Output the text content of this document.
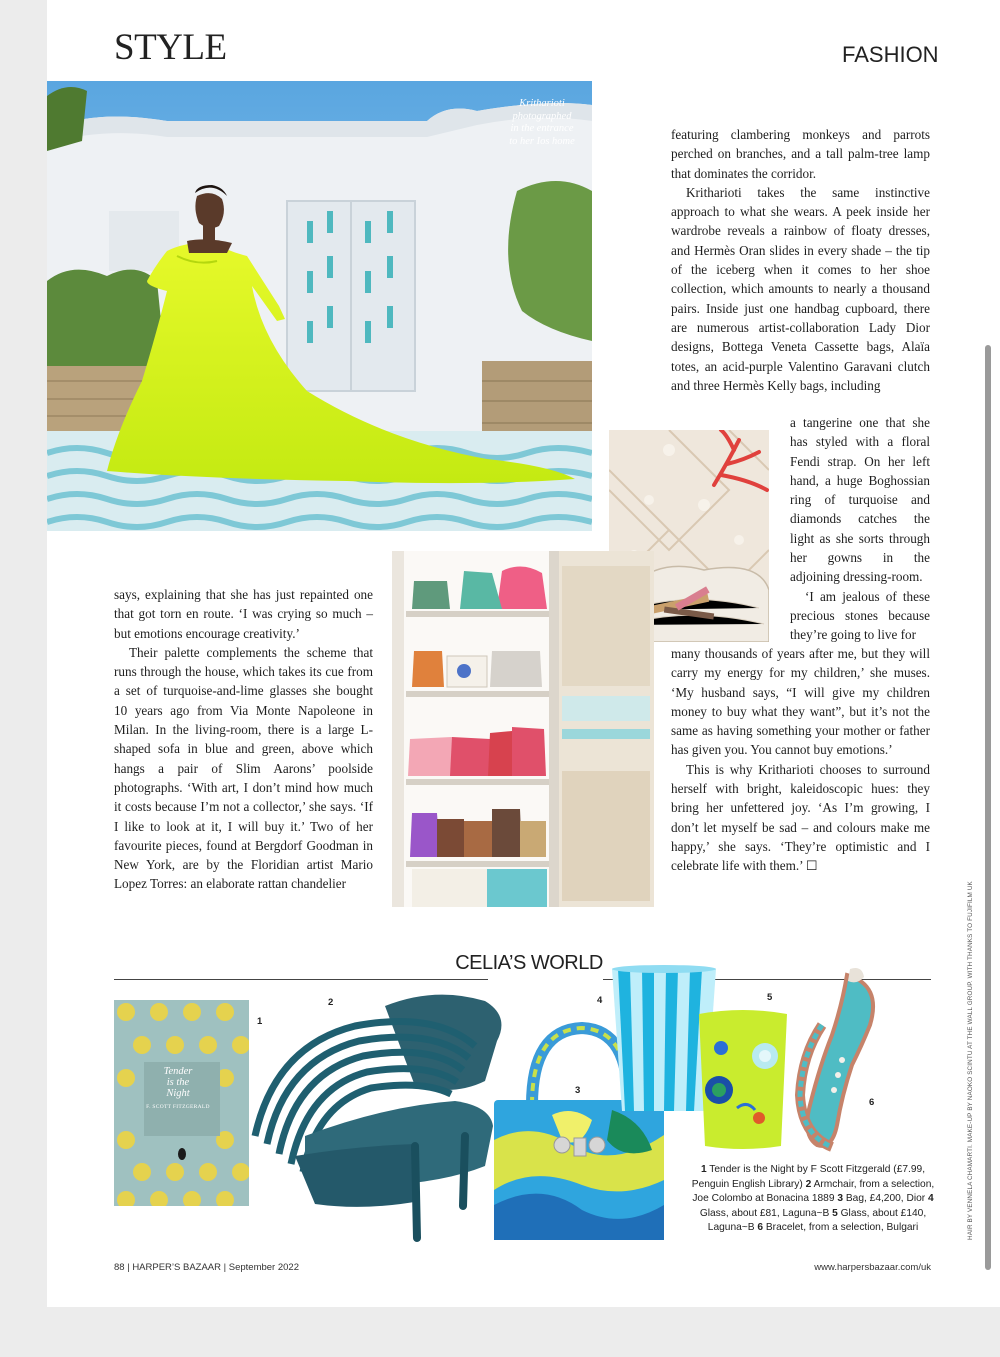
STYLE	FASHION
Kritharioti
photographed
in the entrance
to her Ios home	featuring clambering monkeys and parrots perched on branches, and a tall palm-tree lamp that dominates the corridor.

Kritharioti takes the same instinctive approach to what she wears. A peek inside her wardrobe reveals a rainbow of floaty dresses, and Hermès Oran slides in every shade – the tip of the iceberg when it comes to her shoe collection, which amounts to nearly a thousand pairs. Inside just one handbag cupboard, there are numerous artist-collaboration Lady Dior designs, Bottega Veneta Cassette bags, Alaïa totes, an acid-purple Valentino Garavani clutch and three Hermès Kelly bags, including

a tangerine one that she has styled with a floral Fendi strap. On her left hand, a huge Boghossian ring of turquoise and diamonds catches the light as she sorts through her gowns in the adjoining dressing-room.

‘I am jealous of these precious stones because they’re going to live for

many thousands of years after me, but they will carry my energy for my children,’ she muses. ‘My husband says, “I will give my children money to buy what they want”, but it’s not the same as having something your mother or father has given you. You cannot buy emotions.’

This is why Kritharioti chooses to surround herself with bright, kaleidoscopic hues: they bring her unfettered joy. ‘As I’m growing, I don’t let myself be sad – and colours make me happy,’ she says. ‘They’re optimistic and I celebrate life with them.’ ☐

says, explaining that she has just repainted one that got torn en route. ‘I was crying so much – but emotions encourage creativity.’

Their palette complements the scheme that runs through the house, which takes its cue from a set of turquoise-and-lime glasses she bought 10 years ago from Via Monte Napoleone in Milan. In the living-room, there is a large L-shaped sofa in blue and green, above which hangs a pair of Slim Aarons’ poolside photographs. ‘With art, I don’t mind how much it costs because I’m not a collector,’ she says. ‘If I like to look at it, I will buy it.’ Two of her favourite pieces, found at Bergdorf Goodman in New York, are by the Floridian artist Mario Lopez Torres: an elaborate rattan chandelier

CELIA’S WORLD
Tender
is the
Night
F. SCOTT FITZGERALD
1
2
3
4	5
6
1 Tender is the Night by F Scott Fitzgerald (£7.99, Penguin English Library) 2 Armchair, from a selection, Joe Colombo at Bonacina 1889 3 Bag, £4,200, Dior 4 Glass, about £81, Laguna~B 5 Glass, about £140, Laguna~B 6 Bracelet, from a selection, Bulgari
88 | HARPER’S BAZAAR | September 2022	www.harpersbazaar.com/uk
HAIR BY VENNELA CHAMARTI. MAKE-UP BY NAOKO SCINTU AT THE WALL GROUP. WITH THANKS TO FUJIFILM UK
